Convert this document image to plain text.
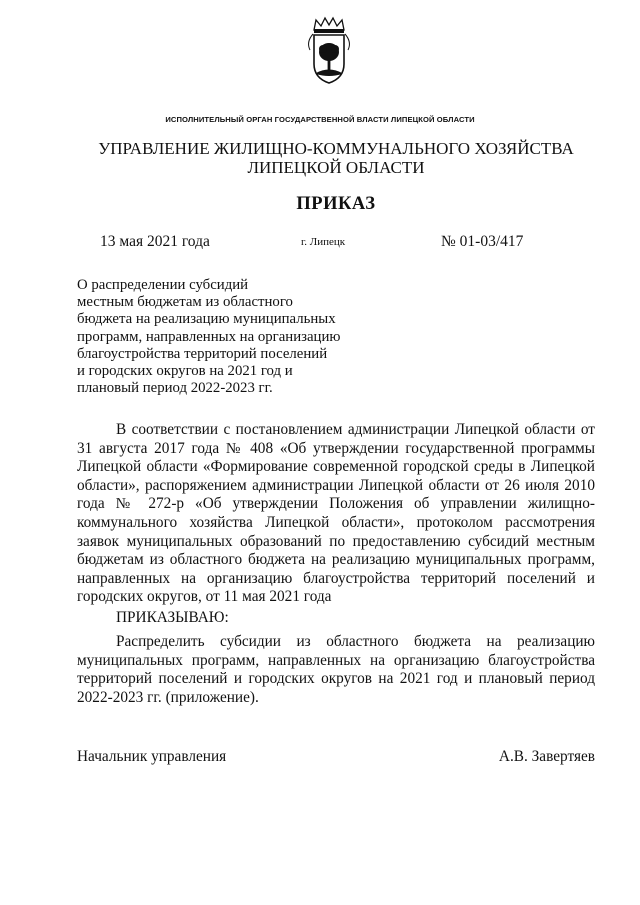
ИСПОЛНИТЕЛЬНЫЙ ОРГАН ГОСУДАРСТВЕННОЙ ВЛАСТИ ЛИПЕЦКОЙ ОБЛАСТИ
УПРАВЛЕНИЕ ЖИЛИЩНО-КОММУНАЛЬНОГО ХОЗЯЙСТВА
ЛИПЕЦКОЙ ОБЛАСТИ
ПРИКАЗ
13 мая 2021 года	г. Липецк	№ 01-03/417
О распределении субсидий
местным бюджетам из областного
бюджета на реализацию муниципальных
программ, направленных на организацию
благоустройства территорий поселений
и городских округов на 2021 год и
плановый период 2022-2023 гг.
В соответствии с постановлением администрации Липецкой области от 31 августа 2017 года № 408 «Об утверждении государственной программы Липецкой области «Формирование современной городской среды в Липецкой области», распоряжением администрации Липецкой области от 26 июля 2010 года № 272-р «Об утверждении Положения об управлении жилищно-коммунального хозяйства Липецкой области», протоколом рассмотрения заявок муниципальных образований по предоставлению субсидий местным бюджетам из областного бюджета на реализацию муниципальных программ, направленных на организацию благоустройства территорий поселений и городских округов, от 11 мая 2021 года
ПРИКАЗЫВАЮ:
Распределить субсидии из областного бюджета на реализацию муниципальных программ, направленных на организацию благоустройства территорий поселений и городских округов на 2021 год и плановый период 2022-2023 гг. (приложение).
Начальник управления	А.В. Завертяев
